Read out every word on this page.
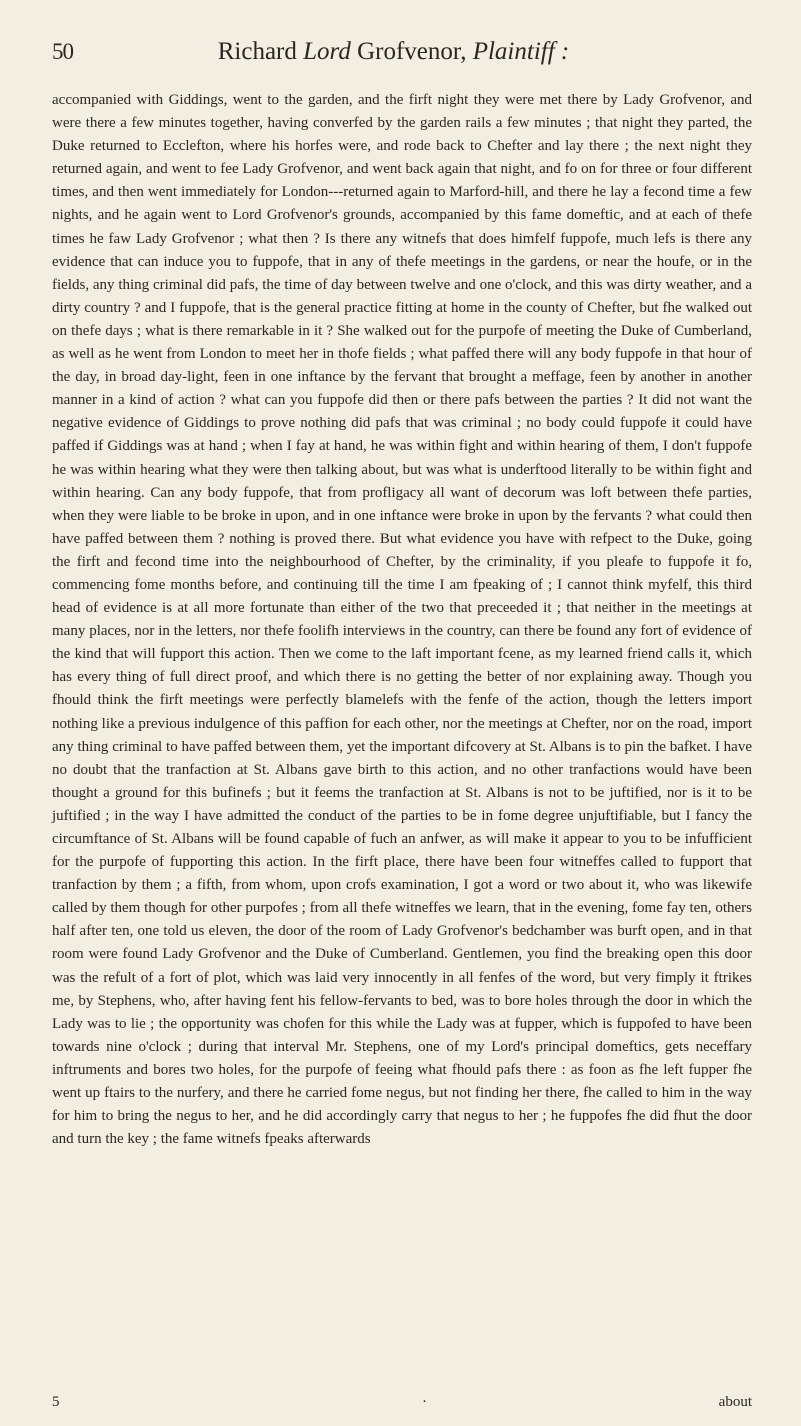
50	Richard Lord Grofvenor, Plaintiff :

accompanied with Giddings, went to the garden, and the firft night they were met there by Lady Grofvenor, and were there a few minutes together, having converfed by the garden rails a few minutes ; that night they parted, the Duke returned to Ecclefton, where his horfes were, and rode back to Chefter and lay there ; the next night they returned again, and went to fee Lady Grofvenor, and went back again that night, and fo on for three or four different times, and then went immediately for London---returned again to Marford-hill, and there he lay a fecond time a few nights, and he again went to Lord Grofvenor's grounds, accompanied by this fame domeftic, and at each of thefe times he faw Lady Grofvenor ; what then ? Is there any witnefs that does himfelf fuppofe, much lefs is there any evidence that can induce you to fuppofe, that in any of thefe meetings in the gardens, or near the houfe, or in the fields, any thing criminal did pafs, the time of day between twelve and one o'clock, and this was dirty weather, and a dirty country ? and I fuppofe, that is the general practice fitting at home in the county of Chefter, but fhe walked out on thefe days ; what is there remarkable in it ? She walked out for the purpofe of meeting the Duke of Cumberland, as well as he went from London to meet her in thofe fields ; what paffed there will any body fuppofe in that hour of the day, in broad day-light, feen in one inftance by the fervant that brought a meffage, feen by another in another manner in a kind of action ? what can you fuppofe did then or there pafs between the parties ? It did not want the negative evidence of Giddings to prove nothing did pafs that was criminal ; no body could fuppofe it could have paffed if Giddings was at hand ; when I fay at hand, he was within fight and within hearing of them, I don't fuppofe he was within hearing what they were then talking about, but was what is underftood literally to be within fight and within hearing. Can any body fuppofe, that from profligacy all want of decorum was loft between thefe parties, when they were liable to be broke in upon, and in one inftance were broke in upon by the fervants ? what could then have paffed between them ? nothing is proved there. But what evidence you have with refpect to the Duke, going the firft and fecond time into the neighbourhood of Chefter, by the criminality, if you pleafe to fuppofe it fo, commencing fome months before, and continuing till the time I am fpeaking of ; I cannot think myfelf, this third head of evidence is at all more fortunate than either of the two that preceeded it ; that neither in the meetings at many places, nor in the letters, nor thefe foolifh interviews in the country, can there be found any fort of evidence of the kind that will fupport this action. Then we come to the laft important fcene, as my learned friend calls it, which has every thing of full direct proof, and which there is no getting the better of nor explaining away. Though you fhould think the firft meetings were perfectly blamelefs with the fenfe of the action, though the letters import nothing like a previous indulgence of this paffion for each other, nor the meetings at Chefter, nor on the road, import any thing criminal to have paffed between them, yet the important difcovery at St. Albans is to pin the bafket. I have no doubt that the tranfaction at St. Albans gave birth to this action, and no other tranfactions would have been thought a ground for this bufinefs ; but it feems the tranfaction at St. Albans is not to be juftified, nor is it to be juftified ; in the way I have admitted the conduct of the parties to be in fome degree unjuftifiable, but I fancy the circumftance of St. Albans will be found capable of fuch an anfwer, as will make it appear to you to be infufficient for the purpofe of fupporting this action. In the firft place, there have been four witneffes called to fupport that tranfaction by them ; a fifth, from whom, upon crofs examination, I got a word or two about it, who was likewife called by them though for other purpofes ; from all thefe witneffes we learn, that in the evening, fome fay ten, others half after ten, one told us eleven, the door of the room of Lady Grofvenor's bedchamber was burft open, and in that room were found Lady Grofvenor and the Duke of Cumberland. Gentlemen, you find the breaking open this door was the refult of a fort of plot, which was laid very innocently in all fenfes of the word, but very fimply it ftrikes me, by Stephens, who, after having fent his fellow-fervants to bed, was to bore holes through the door in which the Lady was to lie ; the opportunity was chofen for this while the Lady was at fupper, which is fuppofed to have been towards nine o'clock ; during that interval Mr. Stephens, one of my Lord's principal domeftics, gets neceffary inftruments and bores two holes, for the purpofe of feeing what fhould pafs there : as foon as fhe left fupper fhe went up ftairs to the nurfery, and there he carried fome negus, but not finding her there, fhe called to him in the way for him to bring the negus to her, and he did accordingly carry that negus to her ; he fuppofes fhe did fhut the door and turn the key ; the fame witnefs fpeaks afterwards

5	·	about
